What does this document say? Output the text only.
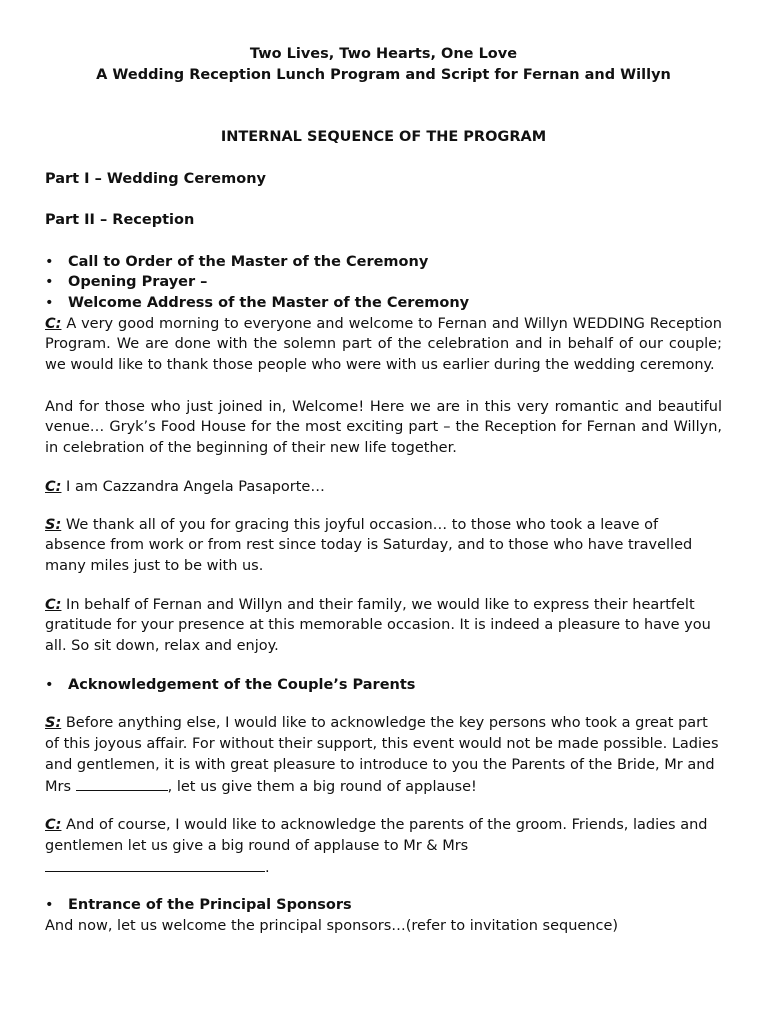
Two Lives, Two Hearts, One Love
A Wedding Reception Lunch Program and Script for Fernan and Willyn
INTERNAL SEQUENCE OF THE PROGRAM
Part I – Wedding Ceremony
Part II – Reception
• Call to Order of the Master of the Ceremony
• Opening Prayer –
• Welcome Address of the Master of the Ceremony

C: A very good morning to everyone and welcome to Fernan and Willyn WEDDING Reception Program. We are done with the solemn part of the celebration and in behalf of our couple; we would like to thank those people who were with us earlier during the wedding ceremony.

And for those who just joined in, Welcome! Here we are in this very romantic and beautiful venue… Gryk’s Food House for the most exciting part – the Reception for Fernan and Willyn, in celebration of the beginning of their new life together.

C: I am Cazzandra Angela Pasaporte…

S: We thank all of you for gracing this joyful occasion… to those who took a leave of absence from work or from rest since today is Saturday, and to those who have travelled many miles just to be with us.

C: In behalf of Fernan and Willyn and their family, we would like to express their heartfelt gratitude for your presence at this memorable occasion. It is indeed a pleasure to have you all. So sit down, relax and enjoy.

• Acknowledgement of the Couple’s Parents

S: Before anything else, I would like to acknowledge the key persons who took a great part of this joyous affair. For without their support, this event would not be made possible. Ladies and gentlemen, it is with great pleasure to introduce to you the Parents of the Bride, Mr and Mrs	, let us give them a big round of applause!

C: And of course, I would like to acknowledge the parents of the groom. Friends, ladies and gentlemen let us give a big round of applause to Mr & Mrs
.

• Entrance of the Principal Sponsors

And now, let us welcome the principal sponsors…(refer to invitation sequence)
